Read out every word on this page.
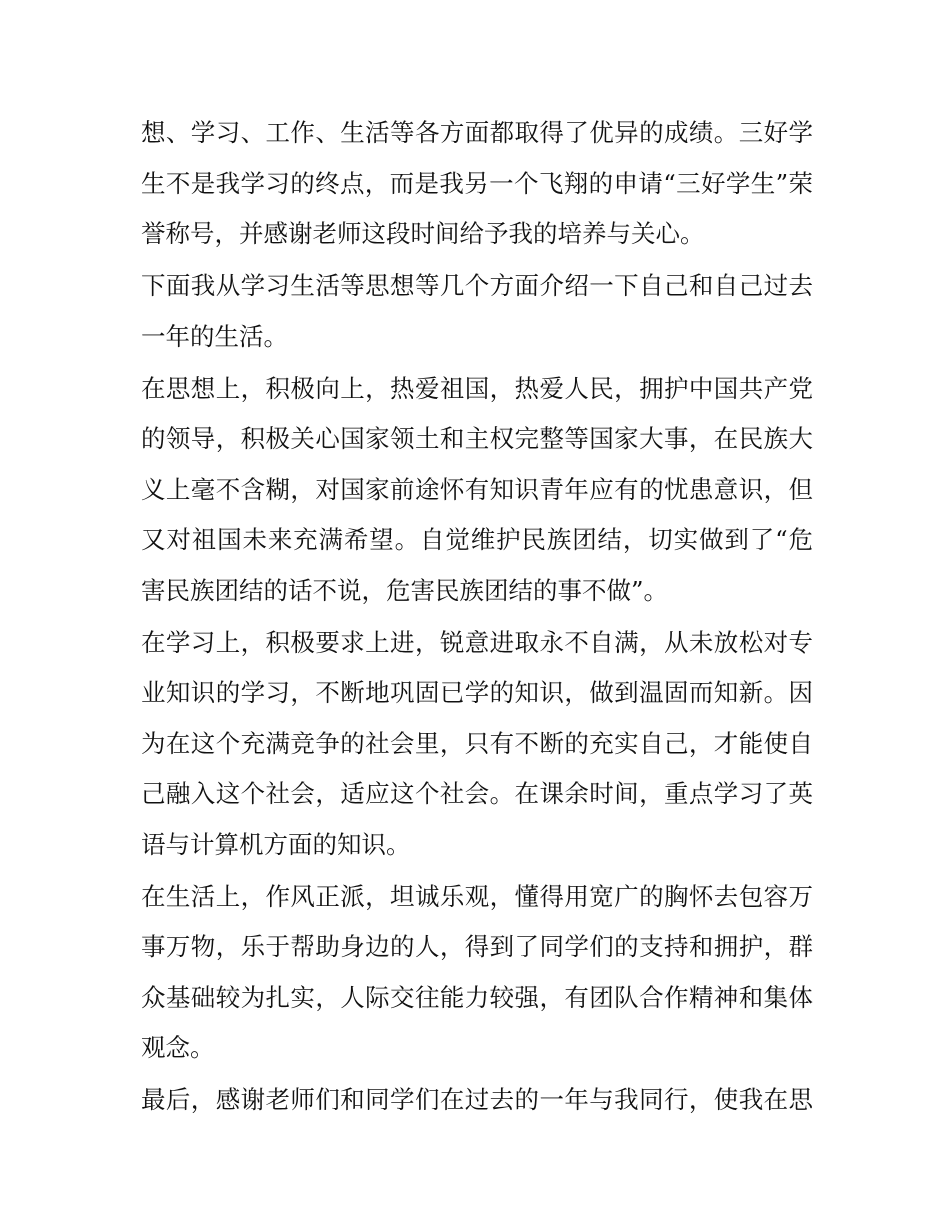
想、学习、工作、生活等各方面都取得了优异的成绩。三好学
生不是我学习的终点，而是我另一个飞翔的申请“三好学生”荣
誉称号，并感谢老师这段时间给予我的培养与关心。
下面我从学习生活等思想等几个方面介绍一下自己和自己过去
一年的生活。
在思想上，积极向上，热爱祖国，热爱人民，拥护中国共产党
的领导，积极关心国家领土和主权完整等国家大事，在民族大
义上毫不含糊，对国家前途怀有知识青年应有的忧患意识，但
又对祖国未来充满希望。自觉维护民族团结，切实做到了“危
害民族团结的话不说，危害民族团结的事不做”。
在学习上，积极要求上进，锐意进取永不自满，从未放松对专
业知识的学习，不断地巩固已学的知识，做到温固而知新。因
为在这个充满竞争的社会里，只有不断的充实自己，才能使自
己融入这个社会，适应这个社会。在课余时间，重点学习了英
语与计算机方面的知识。
在生活上，作风正派，坦诚乐观，懂得用宽广的胸怀去包容万
事万物，乐于帮助身边的人，得到了同学们的支持和拥护，群
众基础较为扎实，人际交往能力较强，有团队合作精神和集体
观念。
最后，感谢老师们和同学们在过去的一年与我同行，使我在思
